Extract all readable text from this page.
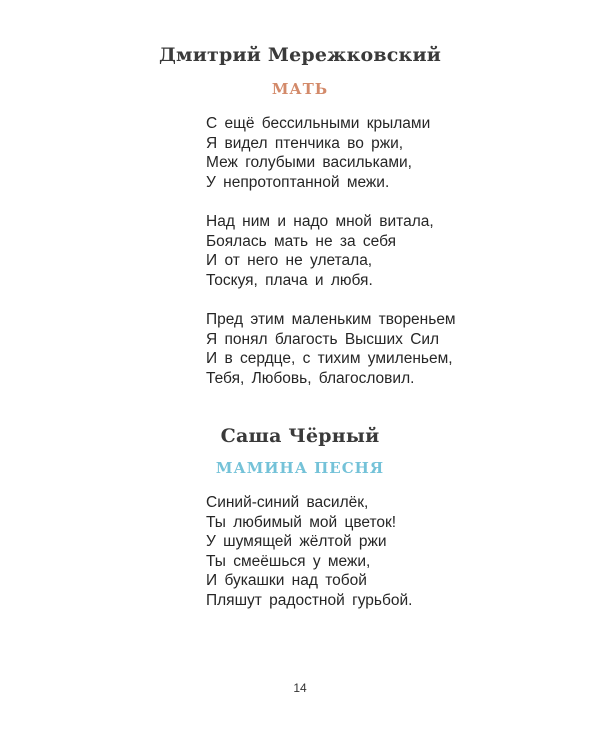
Дмитрий Мережковский
МАТЬ
С ещё бессильными крылами
Я видел птенчика во ржи,
Меж голубыми васильками,
У непротоптанной межи.
Над ним и надо мной витала,
Боялась мать не за себя
И от него не улетала,
Тоскуя, плача и любя.
Пред этим маленьким твореньем
Я понял благость Высших Сил
И в сердце, с тихим умиленьем,
Тебя, Любовь, благословил.
Саша Чёрный
МАМИНА ПЕСНЯ
Синий-синий василёк,
Ты любимый мой цветок!
У шумящей жёлтой ржи
Ты смеёшься у межи,
И букашки над тобой
Пляшут радостной гурьбой.
14
